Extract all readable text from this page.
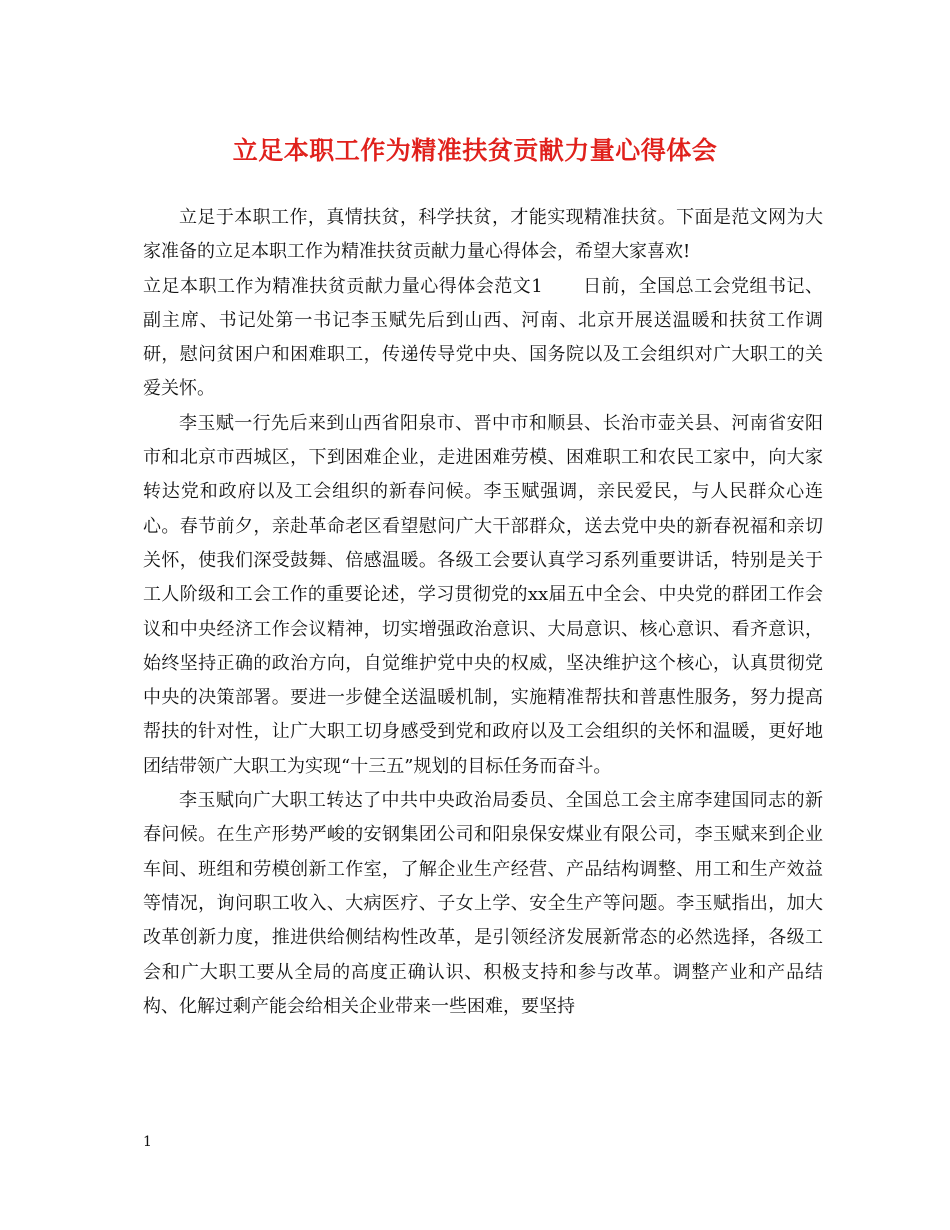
立足本职工作为精准扶贫贡献力量心得体会

立足于本职工作，真情扶贫，科学扶贫，才能实现精准扶贫。下面是范文网为大家准备的立足本职工作为精准扶贫贡献力量心得体会，希望大家喜欢!

立足本职工作为精准扶贫贡献力量心得体会范文1 日前，全国总工会党组书记、副主席、书记处第一书记李玉赋先后到山西、河南、北京开展送温暖和扶贫工作调研，慰问贫困户和困难职工，传递传导党中央、国务院以及工会组织对广大职工的关爱关怀。

李玉赋一行先后来到山西省阳泉市、晋中市和顺县、长治市壶关县、河南省安阳市和北京市西城区，下到困难企业，走进困难劳模、困难职工和农民工家中，向大家转达党和政府以及工会组织的新春问候。李玉赋强调，亲民爱民，与人民群众心连心。春节前夕，亲赴革命老区看望慰问广大干部群众，送去党中央的新春祝福和亲切关怀，使我们深受鼓舞、倍感温暖。各级工会要认真学习系列重要讲话，特别是关于工人阶级和工会工作的重要论述，学习贯彻党的xx届五中全会、中央党的群团工作会议和中央经济工作会议精神，切实增强政治意识、大局意识、核心意识、看齐意识，始终坚持正确的政治方向，自觉维护党中央的权威，坚决维护这个核心，认真贯彻党中央的决策部署。要进一步健全送温暖机制，实施精准帮扶和普惠性服务，努力提高帮扶的针对性，让广大职工切身感受到党和政府以及工会组织的关怀和温暖，更好地团结带领广大职工为实现“十三五”规划的目标任务而奋斗。

李玉赋向广大职工转达了中共中央政治局委员、全国总工会主席李建国同志的新春问候。在生产形势严峻的安钢集团公司和阳泉保安煤业有限公司，李玉赋来到企业车间、班组和劳模创新工作室，了解企业生产经营、产品结构调整、用工和生产效益等情况，询问职工收入、大病医疗、子女上学、安全生产等问题。李玉赋指出，加大改革创新力度，推进供给侧结构性改革，是引领经济发展新常态的必然选择，各级工会和广大职工要从全局的高度正确认识、积极支持和参与改革。调整产业和产品结构、化解过剩产能会给相关企业带来一些困难，要坚持

1
